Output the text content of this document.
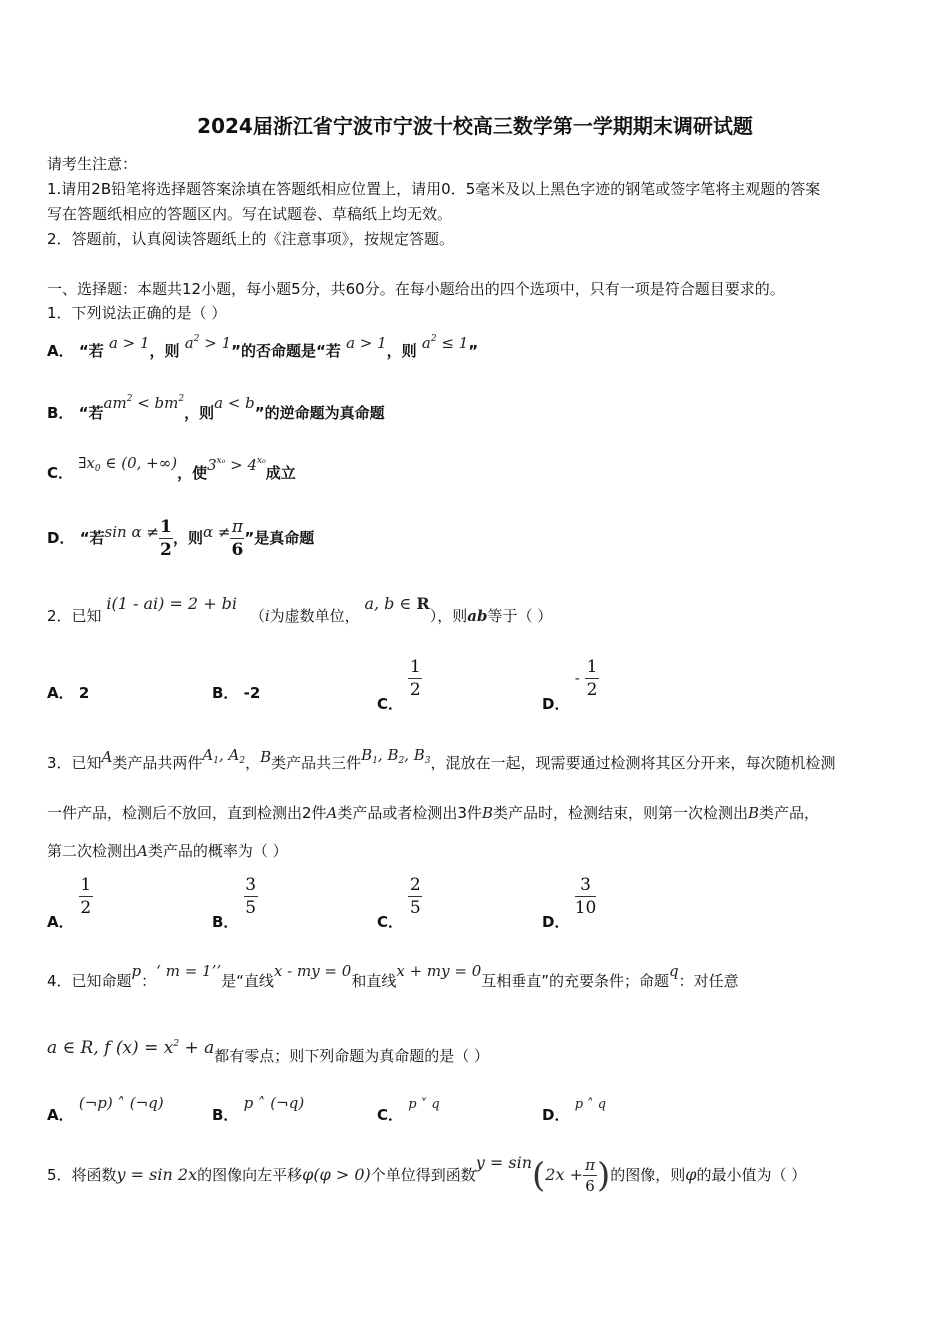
2024届浙江省宁波市宁波十校高三数学第一学期期末调研试题
请考生注意：
1.请用2B铅笔将选择题答案涂填在答题纸相应位置上，请用0．5毫米及以上黑色字迹的钢笔或签字笔将主观题的答案
写在答题纸相应的答题区内。写在试题卷、草稿纸上均无效。
2．答题前，认真阅读答题纸上的《注意事项》，按规定答题。
一、选择题：本题共12小题，每小题5分，共60分。在每小题给出的四个选项中，只有一项是符合题目要求的。
1．下列说法正确的是（ ）
A． “若 a > 1，则 $a^2 > 1$”的否命题是“若 a > 1，则 $a^2 \le 1$”
B． “若$am^2 < bm^2$，则a < b”的逆命题为真命题
C． $\exists x_0$ ∈ (0, +∞)，使$3^{x_0} > 4^{x_0}$成立
D． “若$\sin \alpha \ne \frac{1}{2}$ ，则$\alpha \ne \frac{\pi}{6}$ ”是真命题
2．已知 i(1 - ai) = 2 + bi （i为虚数单位， a, b ∈ R），则ab等于（ ）
A． 2	B． -2
C．
$\frac{1}{2}$
D． - $\frac{1}{2}$
3．已知A类产品共两件$A_1$, $A_2$，B类产品共三件$B_1$, $B_2$, $B_3$，混放在一起，现需要通过检测将其区分开来，每次随机检测
一件产品，检测后不放回，直到检测出2件A类产品或者检测出3件B类产品时，检测结束，则第一次检测出B类产品，
第二次检测出A类产品的概率为（ ）
A．
$\frac{1}{2}$
B．
$\frac{3}{5}$
C．
$\frac{2}{5}$
D．
$\frac{3}{10}$
4．已知命题p：‘ m = 1’’是“直线x - my = 0和直线x + my = 0互相垂直”的充要条件；命题q：对任意
a ∈ R, f $(x) = x^2 + a$都有零点；则下列命题为真命题的是（ ）
A． (¬p) ˄ (¬q)
B． p ˄ (¬q)
C． p ˅ q
D． p ˄ q
5．将函数y = sin 2x的图像向左平移φ(φ > 0)个单位得到函数$y = \sin(2x + \frac{\pi}{6}$ )的图像，则φ的最小值为（ ）
